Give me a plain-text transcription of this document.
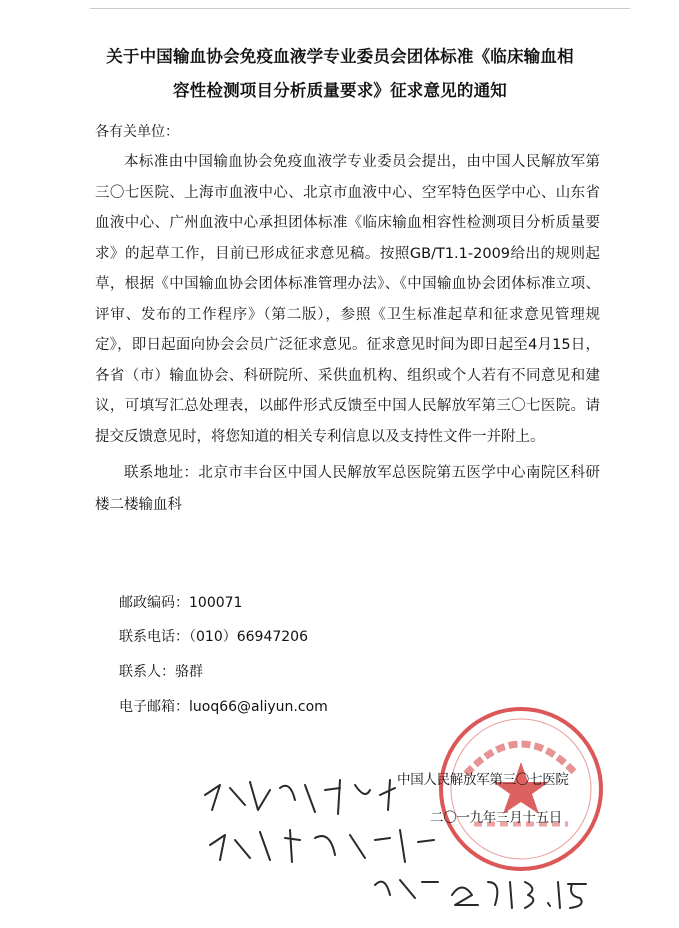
关于中国输血协会免疫血液学专业委员会团体标准《临床输血相
容性检测项目分析质量要求》征求意见的通知
各有关单位：

本标准由中国输血协会免疫血液学专业委员会提出，由中国人民解放军第三〇七医院、上海市血液中心、北京市血液中心、空军特色医学中心、山东省血液中心、广州血液中心承担团体标准《临床输血相容性检测项目分析质量要求》的起草工作，目前已形成征求意见稿。按照GB/T1.1-2009给出的规则起草，根据《中国输血协会团体标准管理办法》、《中国输血协会团体标准立项、评审、发布的工作程序》（第二版），参照《卫生标准起草和征求意见管理规定》，即日起面向协会会员广泛征求意见。征求意见时间为即日起至4月15日，各省（市）输血协会、科研院所、采供血机构、组织或个人若有不同意见和建议，可填写汇总处理表，以邮件形式反馈至中国人民解放军第三〇七医院。请提交反馈意见时，将您知道的相关专利信息以及支持性文件一并附上。

联系地址：北京市丰台区中国人民解放军总医院第五医学中心南院区科研楼二楼输血科

邮政编码：100071
联系电话：（010）66947206
联系人：骆群
电子邮箱：luoq66@aliyun.com
中国人民解放军第三〇七医院
二〇一九年三月十五日
